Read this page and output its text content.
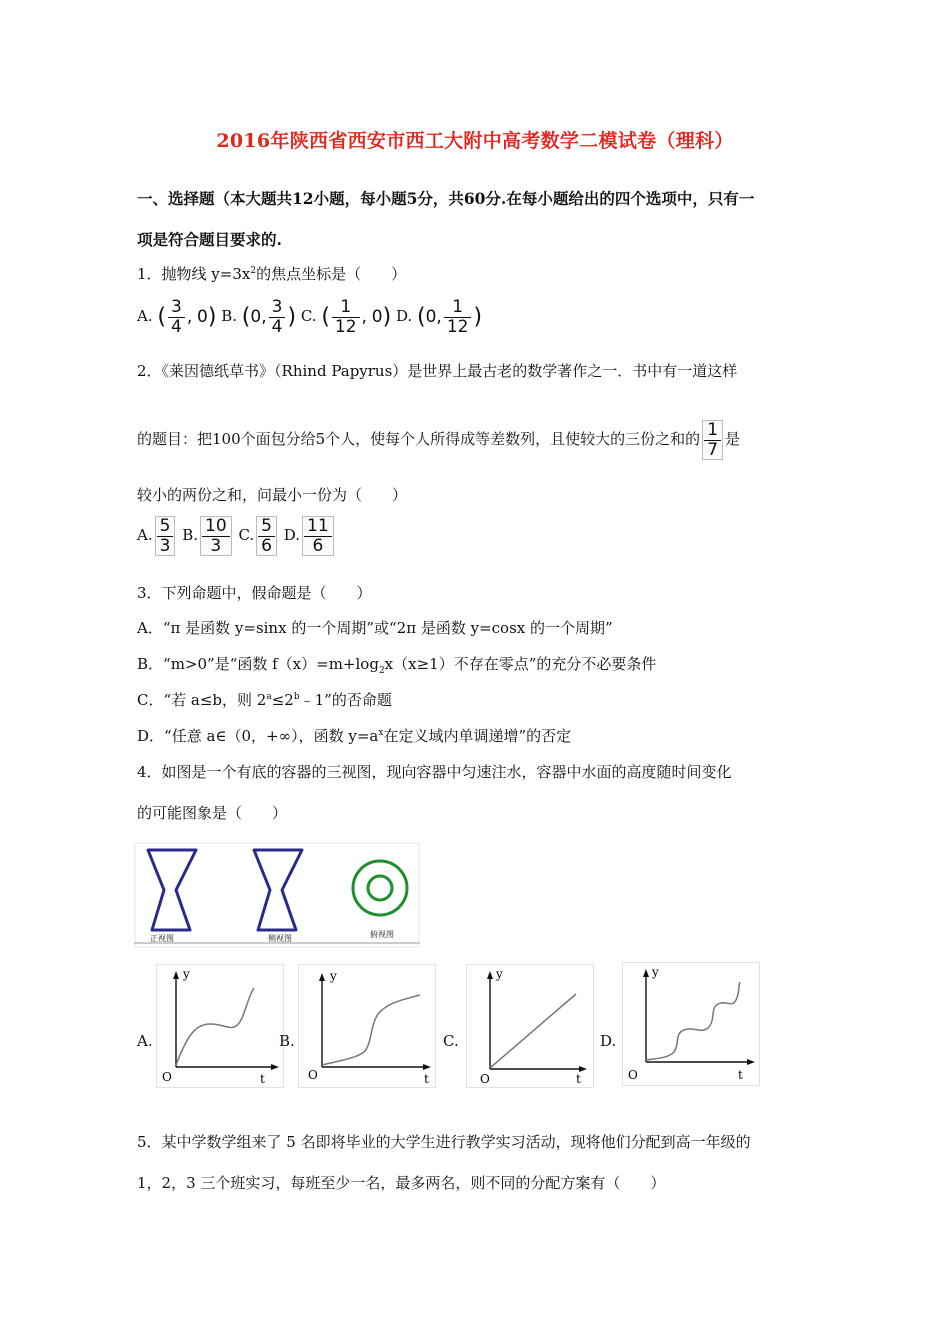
2016年陕西省西安市西工大附中高考数学二模试卷（理科）
一、选择题（本大题共12小题，每小题5分，共60分.在每小题给出的四个选项中，只有一
项是符合题目要求的.
1．抛物线 $y=3x^2$的焦点坐标是（　　）
A. ( $\frac{3}{4}$ , 0) B. (0, $\frac{3}{4}$ ) C. ( $\frac{1}{12}$ , 0) D. (0, $\frac{1}{12}$ )
2．《莱因德纸草书》（Rhind Papyrus）是世界上最古老的数学著作之一．书中有一道这样
的题目：把100个面包分给5个人，使每个人所得成等差数列，且使较大的三份之和的 $\frac{1}{7}$ 是
较小的两份之和，问最小一份为（　　）
A. $\frac{5}{3} B$. $\frac{10}{3} C$. $\frac{5}{6} D$. $\frac{11}{6}$
3．下列命题中，假命题是（　　）
A．“π 是函数 y=sinx 的一个周期”或“2π 是函数 y=cosx 的一个周期”
B．“m>0”是“函数 $f(x)=m+\log_2x(x\ge 1)$不存在零点”的充分不必要条件
C．“若 a≤b，则 $2^a\le 2^b﹣1$”的否命题
D．“任意 a∈（0，+∞），函数 $y=a^x$在定义域内单调递增”的否定
4．如图是一个有底的容器的三视图，现向容器中匀速注水，容器中水面的高度随时间变化
的可能图象是（　　）
正视图	侧视图	俯视图
A.
y
t
O
B.
y
t
O
C.
y
t
O
D.
y
t
O
5．某中学数学组来了 5 名即将毕业的大学生进行教学实习活动，现将他们分配到高一年级的
1，2，3 三个班实习，每班至少一名，最多两名，则不同的分配方案有（　　）
